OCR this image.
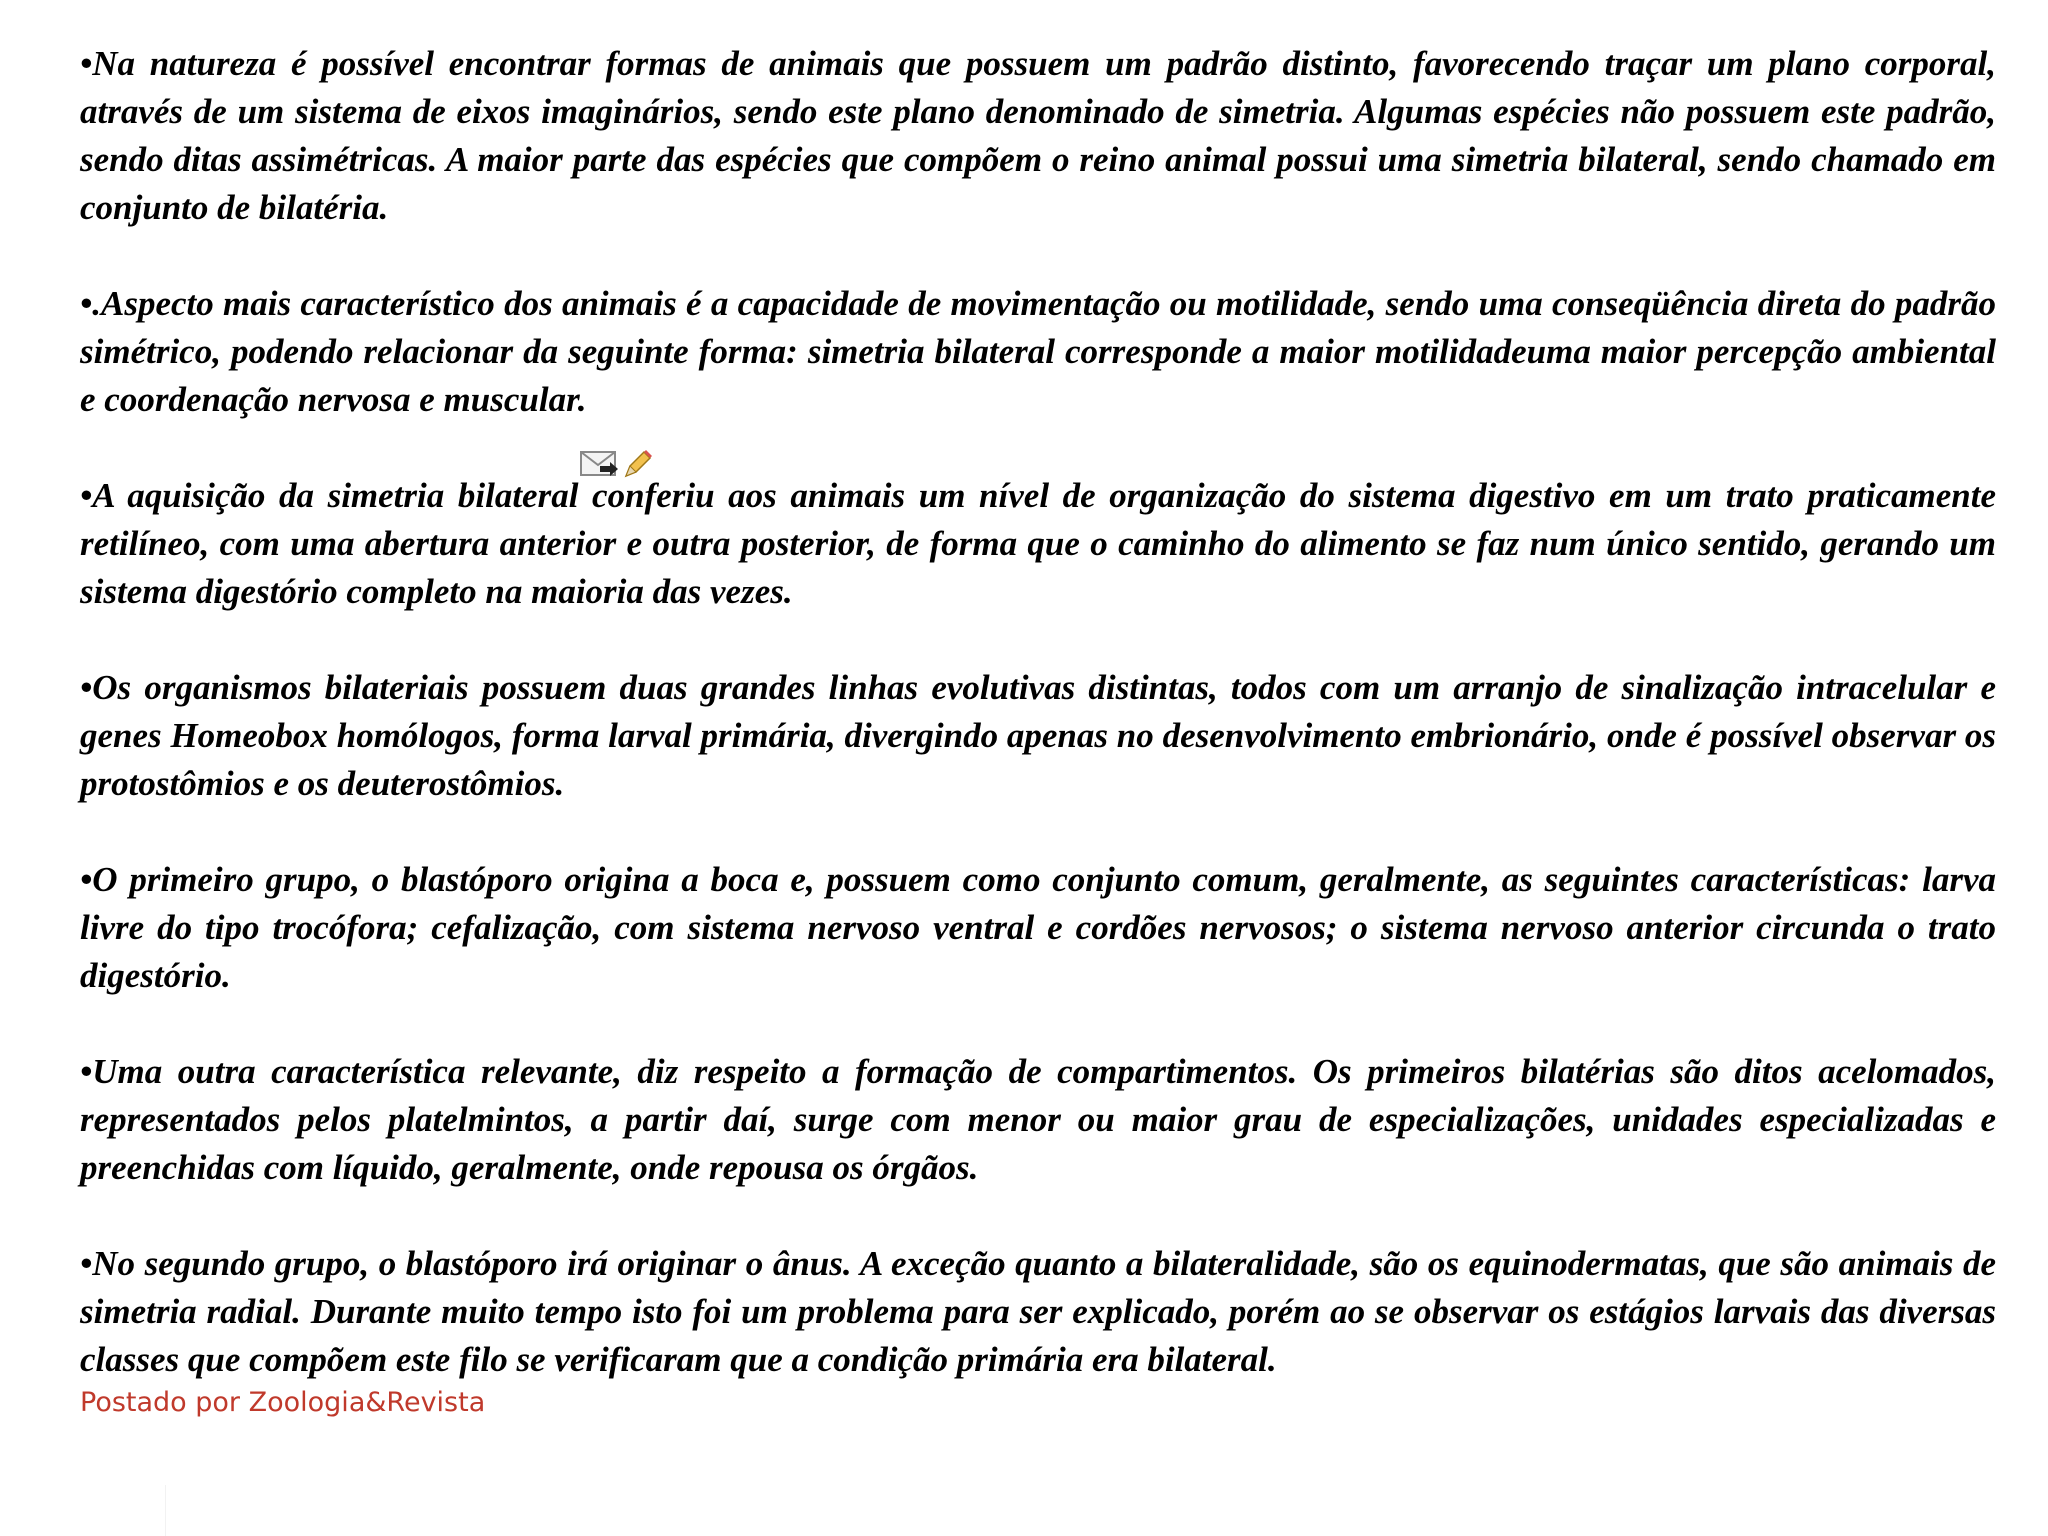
•Na natureza é possível encontrar formas de animais que possuem um padrão distinto, favorecendo traçar um plano corporal, através de um sistema de eixos imaginários, sendo este plano denominado de simetria. Algumas espécies não possuem este padrão, sendo ditas assimétricas. A maior parte das espécies que compõem o reino animal possui uma simetria bilateral, sendo chamado em conjunto de bilatéria.

•.Aspecto mais característico dos animais é a capacidade de movimentação ou motilidade, sendo uma conseqüência direta do padrão simétrico, podendo relacionar da seguinte forma: simetria bilateral corresponde a maior motilidadeuma maior percepção ambiental e coordenação nervosa e muscular.

•A aquisição da simetria bilateral conferiu aos animais um nível de organização do sistema digestivo em um trato praticamente retilíneo, com uma abertura anterior e outra posterior, de forma que o caminho do alimento se faz num único sentido, gerando um sistema digestório completo na maioria das vezes.

•Os organismos bilateriais possuem duas grandes linhas evolutivas distintas, todos com um arranjo de sinalização intracelular e genes Homeobox homólogos, forma larval primária, divergindo apenas no desenvolvimento embrionário, onde é possível observar os protostômios e os deuterostômios.

•O primeiro grupo, o blastóporo origina a boca e, possuem como conjunto comum, geralmente, as seguintes características: larva livre do tipo trocófora; cefalização, com sistema nervoso ventral e cordões nervosos; o sistema nervoso anterior circunda o trato digestório.

•Uma outra característica relevante, diz respeito a formação de compartimentos. Os primeiros bilatérias são ditos acelomados, representados pelos platelmintos, a partir daí, surge com menor ou maior grau de especializações, unidades especializadas e preenchidas com líquido, geralmente, onde repousa os órgãos.

•No segundo grupo, o blastóporo irá originar o ânus. A exceção quanto a bilateralidade, são os equinodermatas, que são animais de simetria radial. Durante muito tempo isto foi um problema para ser explicado, porém ao se observar os estágios larvais das diversas classes que compõem este filo se verificaram que a condição primária era bilateral.

Postado por Zoologia&Revista
